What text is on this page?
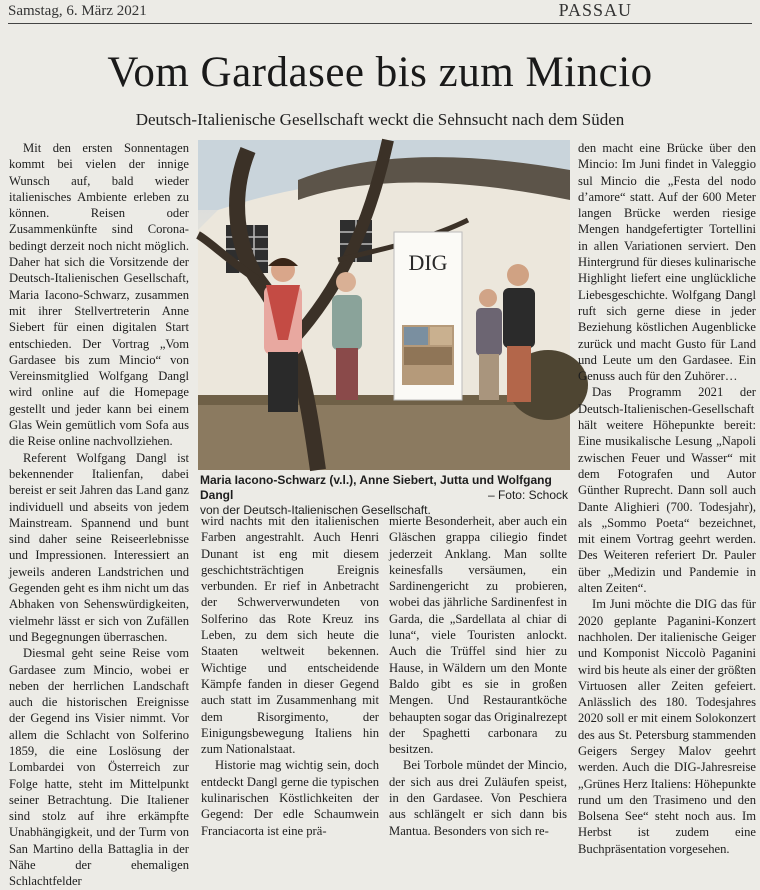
Samstag, 6. März 2021	PASSAU
Vom Gardasee bis zum Mincio
Deutsch-Italienische Gesellschaft weckt die Sehnsucht nach dem Süden

Mit den ersten Sonnentagen kommt bei vielen der innige Wunsch auf, bald wieder italienisches Ambiente erleben zu können. Reisen oder Zusammenkünfte sind Corona-bedingt derzeit noch nicht möglich. Daher hat sich die Vorsitzende der Deutsch-Italienischen Gesellschaft, Maria Iacono-Schwarz, zusammen mit ihrer Stellvertreterin Anne Siebert für einen digitalen Start entschieden. Der Vortrag „Vom Gardasee bis zum Mincio“ von Vereinsmitglied Wolfgang Dangl wird online auf die Homepage gestellt und jeder kann bei einem Glas Wein gemütlich vom Sofa aus die Reise online nachvollziehen.

Referent Wolfgang Dangl ist bekennender Italienfan, dabei bereist er seit Jahren das Land ganz individuell und abseits von jedem Mainstream. Spannend und bunt sind daher seine Reiseerlebnisse und Impressionen. Interessiert an jeweils anderen Landstrichen und Gegenden geht es ihm nicht um das Abhaken von Sehenswürdigkeiten, vielmehr lässt er sich von Zufällen und Begegnungen überraschen.

Diesmal geht seine Reise vom Gardasee zum Mincio, wobei er neben der herrlichen Landschaft auch die historischen Ereignisse der Gegend ins Visier nimmt. Vor allem die Schlacht von Solferino 1859, die eine Loslösung der Lombardei von Österreich zur Folge hatte, steht im Mittelpunkt seiner Betrachtung. Die Italiener sind stolz auf ihre erkämpfte Unabhängigkeit, und der Turm von San Martino della Battaglia in der Nähe der ehemaligen Schlachtfelder

DIG
Maria Iacono-Schwarz (v.l.), Anne Siebert, Jutta und Wolfgang Dangl
von der Deutsch-Italienischen Gesellschaft.
– Foto: Schock

wird nachts mit den italienischen Farben angestrahlt. Auch Henri Dunant ist eng mit diesem geschichtsträchtigen Ereignis verbunden. Er rief in Anbetracht der Schwerverwundeten von Solferino das Rote Kreuz ins Leben, zu dem sich heute die Staaten weltweit bekennen. Wichtige und entscheidende Kämpfe fanden in dieser Gegend auch statt im Zusammenhang mit dem Risorgimento, der Einigungsbewegung Italiens hin zum Nationalstaat.

Historie mag wichtig sein, doch entdeckt Dangl gerne die typischen kulinarischen Köstlichkeiten der Gegend: Der edle Schaumwein Franciacorta ist eine prä-

mierte Besonderheit, aber auch ein Gläschen grappa ciliegio findet jederzeit Anklang. Man sollte keinesfalls versäumen, ein Sardinengericht zu probieren, wobei das jährliche Sardinenfest in Garda, die „Sardellata al chiar di luna“, viele Touristen anlockt. Auch die Trüffel sind hier zu Hause, in Wäldern um den Monte Baldo gibt es sie in großen Mengen. Und Restaurantköche behaupten sogar das Originalrezept der Spaghetti carbonara zu besitzen.

Bei Torbole mündet der Mincio, der sich aus drei Zuläufen speist, in den Gardasee. Von Peschiera aus schlängelt er sich dann bis Mantua. Besonders von sich re-

den macht eine Brücke über den Mincio: Im Juni findet in Valeggio sul Mincio die „Festa del nodo d’amore“ statt. Auf der 600 Meter langen Brücke werden riesige Mengen handgefertigter Tortellini in allen Variationen serviert. Den Hintergrund für dieses kulinarische Highlight liefert eine unglückliche Liebesgeschichte. Wolfgang Dangl ruft sich gerne diese in jeder Beziehung köstlichen Augenblicke zurück und macht Gusto für Land und Leute um den Gardasee. Ein Genuss auch für den Zuhörer…

Das Programm 2021 der Deutsch-Italienischen-Gesellschaft hält weitere Höhepunkte bereit: Eine musikalische Lesung „Napoli zwischen Feuer und Wasser“ mit dem Fotografen und Autor Günther Ruprecht. Dann soll auch Dante Alighieri (700. Todesjahr), als „Sommo Poeta“ bezeichnet, mit einem Vortrag geehrt werden. Des Weiteren referiert Dr. Pauler über „Medizin und Pandemie in alten Zeiten“.

Im Juni möchte die DIG das für 2020 geplante Paganini-Konzert nachholen. Der italienische Geiger und Komponist Niccolò Paganini wird bis heute als einer der größten Virtuosen aller Zeiten gefeiert. Anlässlich des 180. Todesjahres 2020 soll er mit einem Solokonzert des aus St. Petersburg stammenden Geigers Sergey Malov geehrt werden. Auch die DIG-Jahresreise „Grünes Herz Italiens: Höhepunkte rund um den Trasimeno und den Bolsena See“ steht noch aus. Im Herbst ist zudem eine Buchpräsentation vorgesehen.
